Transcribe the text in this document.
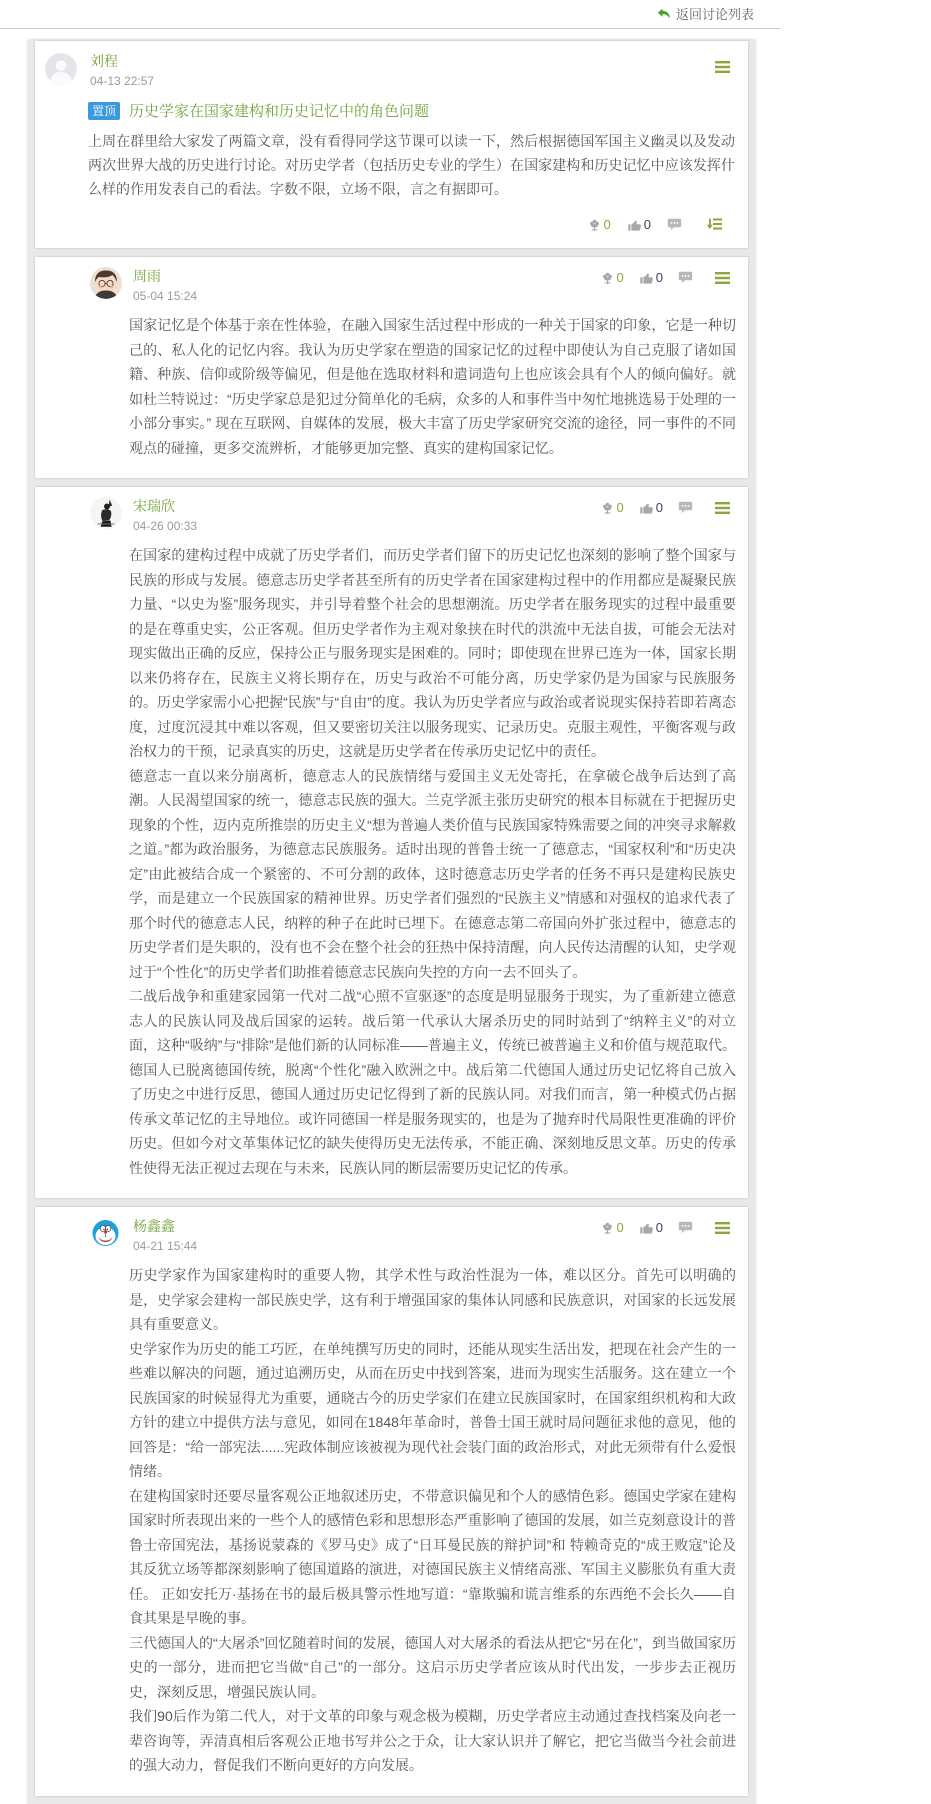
返回讨论列表
刘程
04-13 22:57
置顶 历史学家在国家建构和历史记忆中的角色问题

上周在群里给大家发了两篇文章，没有看得同学这节课可以读一下，然后根据德国军国主义幽灵以及发动两次世界大战的历史进行讨论。对历史学者（包括历史专业的学生）在国家建构和历史记忆中应该发挥什么样的作用发表自己的看法。字数不限，立场不限，言之有据即可。

0	0
周雨
05-04 15:24
0 0

国家记忆是个体基于亲在性体验，在融入国家生活过程中形成的一种关于国家的印象，它是一种切己的、私人化的记忆内容。我认为历史学家在塑造的国家记忆的过程中即使认为自己克服了诸如国籍、种族、信仰或阶级等偏见，但是他在选取材料和遣词造句上也应该会具有个人的倾向偏好。就如杜兰特说过：“历史学家总是犯过分简单化的毛病，众多的人和事件当中匆忙地挑选易于处理的一小部分事实。” 现在互联网、自媒体的发展，极大丰富了历史学家研究交流的途径，同一事件的不同观点的碰撞，更多交流辨析，才能够更加完整、真实的建构国家记忆。

宋瑞欣
04-26 00:33
0 0

在国家的建构过程中成就了历史学者们，而历史学者们留下的历史记忆也深刻的影响了整个国家与民族的形成与发展。德意志历史学者甚至所有的历史学者在国家建构过程中的作用都应是凝聚民族力量、“以史为鉴”服务现实，并引导着整个社会的思想潮流。历史学者在服务现实的过程中最重要的是在尊重史实，公正客观。但历史学者作为主观对象挟在时代的洪流中无法自拔，可能会无法对现实做出正确的反应，保持公正与服务现实是困难的。同时；即使现在世界已连为一体，国家长期以来仍将存在，民族主义将长期存在，历史与政治不可能分离，历史学家仍是为国家与民族服务的。历史学家需小心把握“民族”与“自由”的度。我认为历史学者应与政治或者说现实保持若即若离态度，过度沉浸其中难以客观，但又要密切关注以服务现实、记录历史。克服主观性，平衡客观与政治权力的干预，记录真实的历史，这就是历史学者在传承历史记忆中的责任。

德意志一直以来分崩离析，德意志人的民族情绪与爱国主义无处寄托，在拿破仑战争后达到了高潮。人民渴望国家的统一，德意志民族的强大。兰克学派主张历史研究的根本目标就在于把握历史现象的个性，迈内克所推崇的历史主义“想为普遍人类价值与民族国家特殊需要之间的冲突寻求解救之道。”都为政治服务，为德意志民族服务。适时出现的普鲁士统一了德意志，“国家权利”和“历史决定”由此被结合成一个紧密的、不可分割的政体，这时德意志历史学者的任务不再只是建构民族史学，而是建立一个民族国家的精神世界。历史学者们强烈的“民族主义”情感和对强权的追求代表了那个时代的德意志人民，纳粹的种子在此时已埋下。在德意志第二帝国向外扩张过程中，德意志的历史学者们是失职的，没有也不会在整个社会的狂热中保持清醒，向人民传达清醒的认知，史学观过于“个性化”的历史学者们助推着德意志民族向失控的方向一去不回头了。

二战后战争和重建家园第一代对二战“心照不宣驱逐”的态度是明显服务于现实，为了重新建立德意志人的民族认同及战后国家的运转。战后第一代承认大屠杀历史的同时站到了“纳粹主义”的对立面，这种“吸纳”与“排除”是他们新的认同标准——普遍主义，传统已被普遍主义和价值与规范取代。德国人已脱离德国传统，脱离“个性化”融入欧洲之中。战后第二代德国人通过历史记忆将自己放入了历史之中进行反思，德国人通过历史记忆得到了新的民族认同。对我们而言，第一种模式仍占据传承文革记忆的主导地位。或许同德国一样是服务现实的，也是为了抛弃时代局限性更准确的评价历史。但如今对文革集体记忆的缺失使得历史无法传承，不能正确、深刻地反思文革。历史的传承性使得无法正视过去现在与未来，民族认同的断层需要历史记忆的传承。

杨鑫鑫
04-21 15:44
0 0

历史学家作为国家建构时的重要人物，其学术性与政治性混为一体，难以区分。首先可以明确的是，史学家会建构一部民族史学，这有利于增强国家的集体认同感和民族意识，对国家的长远发展具有重要意义。

史学家作为历史的能工巧匠，在单纯撰写历史的同时，还能从现实生活出发，把现在社会产生的一些难以解决的问题，通过追溯历史，从而在历史中找到答案，进而为现实生活服务。这在建立一个民族国家的时候显得尤为重要，通晓古今的历史学家们在建立民族国家时，在国家组织机构和大政方针的建立中提供方法与意见，如同在1848年革命时，普鲁士国王就时局问题征求他的意见，他的回答是：“给一部宪法......宪政体制应该被视为现代社会装门面的政治形式，对此无须带有什么爱恨情绪。

在建构国家时还要尽量客观公正地叙述历史，不带意识偏见和个人的感情色彩。德国史学家在建构国家时所表现出来的一些个人的感情色彩和思想形态严重影响了德国的发展，如兰克刻意设计的普鲁士帝国宪法，基扬说蒙森的《罗马史》成了“日耳曼民族的辩护词”和 特赖奇克的“成王败寇”论及其反犹立场等都深刻影响了德国道路的演进，对德国民族主义情绪高涨、军国主义膨胀负有重大责任。 正如安托万·基扬在书的最后极具警示性地写道：“靠欺骗和谎言维系的东西绝不会长久——自食其果是早晚的事。

三代德国人的“大屠杀”回忆随着时间的发展，德国人对大屠杀的看法从把它“另在化”，到当做国家历史的一部分，进而把它当做“自己”的一部分。这启示历史学者应该从时代出发，一步步去正视历史，深刻反思，增强民族认同。

我们90后作为第二代人，对于文革的印象与观念极为模糊，历史学者应主动通过查找档案及向老一辈咨询等，弄清真相后客观公正地书写并公之于众，让大家认识并了解它，把它当做当今社会前进的强大动力，督促我们不断向更好的方向发展。
